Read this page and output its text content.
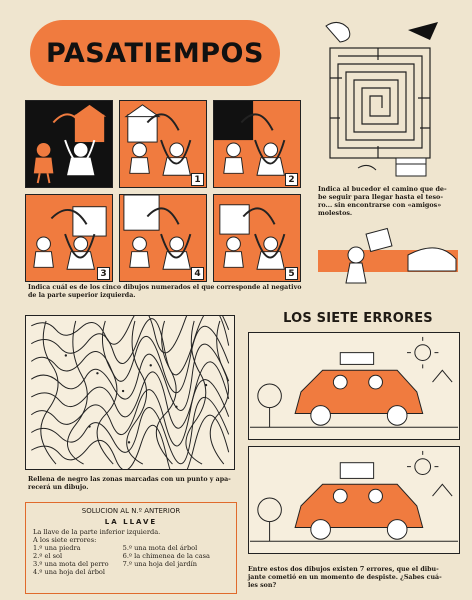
PASATIEMPOS
1	2
3	4	5
Indica cuál es de los cinco dibujos numerados el que corresponde al negativo
de la parte superior izquierda.
Indica al bucedor el camino que de-
be seguir para llegar hasta el teso-
ro... sin encontrarse con «amigos»
molestos.
Rellena de negro las zonas marcadas con un punto y apa-
recerá un dibujo.
LOS SIETE ERRORES
Entre estos dos dibujos existen 7 errores, que el dibu-
jante cometió en un momento de despiste. ¿Sabes cuá-
les son?
SOLUCION AL N.º ANTERIOR
LA LLAVE
La llave de la parte inferior izquierda.
A los siete errores:
1.º una piedra
2.º el sol
3.º una mota del perro
4.º una hoja del árbol
5.º una mota del árbol
6.º la chimenea de la casa
7.º una hoja del jardín
